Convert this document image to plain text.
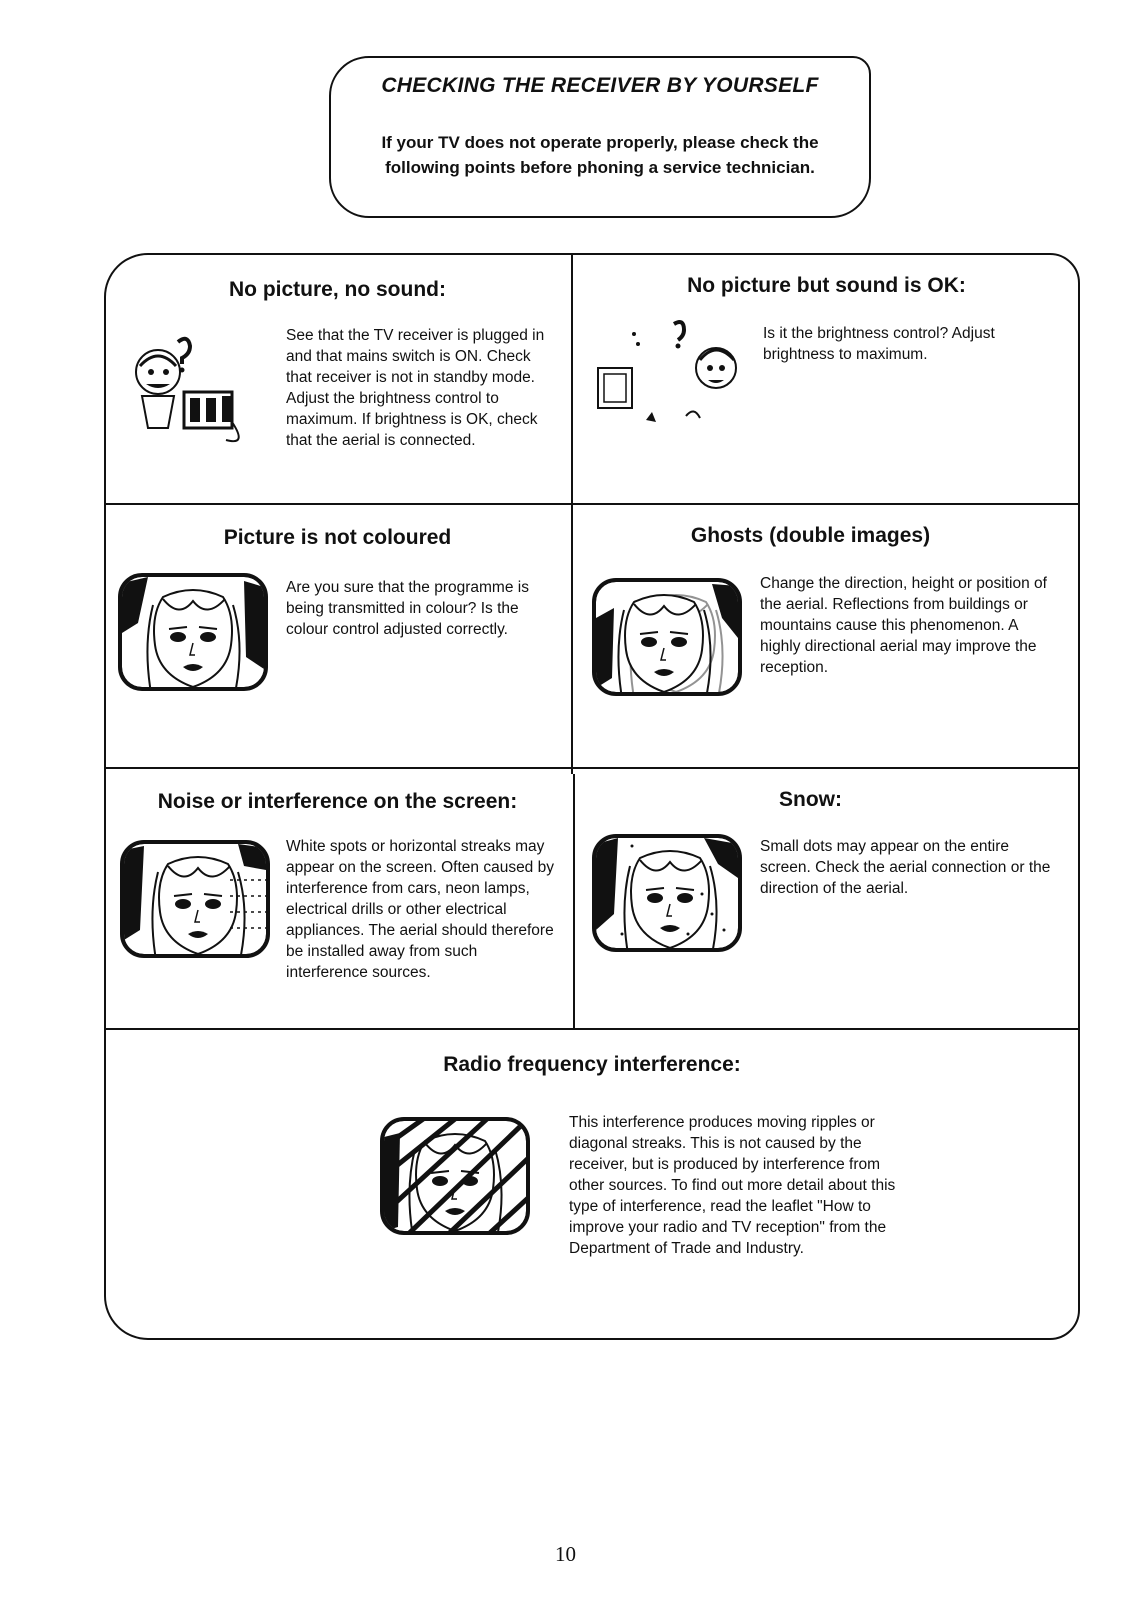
CHECKING THE RECEIVER BY YOURSELF
If your TV does not operate properly, please check the following points before phoning a service technician.
No picture, no sound:
See that the TV receiver is plugged in and that mains switch is ON. Check that receiver is not in standby mode. Adjust the brightness control to maximum. If brightness is OK, check that the aerial is connected.
No picture but sound is OK:
Is it the brightness control? Adjust brightness to maximum.
Picture is not coloured
Are you sure that the programme is being transmitted in colour? Is the colour control adjusted correctly.
Ghosts (double images)
Change the direction, height or position of the aerial. Reflections from buildings or mountains cause this phenomenon. A highly directional aerial may improve the reception.
Noise or interference on the screen:
White spots or horizontal streaks may appear on the screen. Often caused by interference from cars, neon lamps, electrical drills or other electrical appliances. The aerial should therefore be installed away from such interference sources.
Snow:
Small dots may appear on the entire screen. Check the aerial connection or the direction of the aerial.
Radio frequency interference:
This interference produces moving ripples or diagonal streaks. This is not caused by the receiver, but is produced by interference from other sources. To find out more detail about this type of interference, read the leaflet "How to improve your radio and TV reception" from the Department of Trade and Industry.
10
